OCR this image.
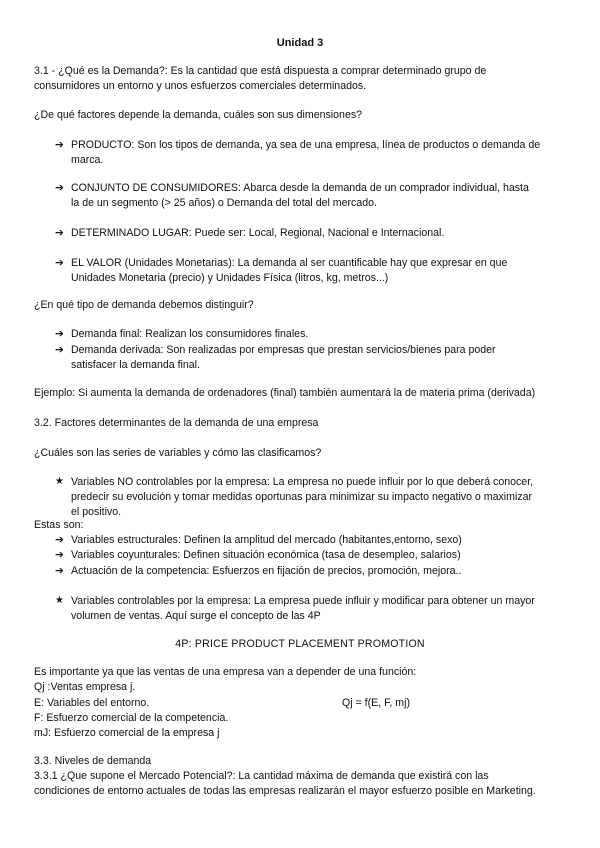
Unidad 3
3.1 - ¿Qué es la Demanda?: Es la cantidad que está dispuesta a comprar determinado grupo de
consumidores un entorno y unos esfuerzos comerciales determinados.
¿De qué factores depende la demanda, cuáles son sus dimensiones?
➔ PRODUCTO: Son los tipos de demanda, ya sea de una empresa, línea de productos o demanda de
marca.
➔ CONJUNTO DE CONSUMIDORES: Abarca desde la demanda de un comprador individual, hasta
la de un segmento (> 25 años) o Demanda del total del mercado.
➔ DETERMINADO LUGAR: Puede ser: Local, Regional, Nacional e Internacional.
➔ EL VALOR (Unidades Monetarias): La demanda al ser cuantificable hay que expresar en que
Unidades Monetaria (precio) y Unidades Física (litros, kg, metros...)
¿En qué tipo de demanda debemos distinguir?
➔ Demanda final: Realizan los consumidores finales.
➔ Demanda derivada: Son realizadas por empresas que prestan servicios/bienes para poder
satisfacer la demanda final.
Ejemplo: Si aumenta la demanda de ordenadores (final) también aumentará la de materia prima (derivada)
3.2. Factores determinantes de la demanda de una empresa
¿Cuáles son las series de variables y cómo las clasificamos?
★ Variables NO controlables por la empresa: La empresa no puede influir por lo que deberá conocer,
predecir su evolución y tomar medidas oportunas para minimizar su impacto negativo o maximizar
el positivo.
Estas son:
➔ Variables estructurales: Definen la amplitud del mercado (habitantes,entorno, sexo)
➔ Variables coyunturales: Definen situación económica (tasa de desempleo, salarios)
➔ Actuación de la competencia: Esfuerzos en fijación de precios, promoción, mejora..
★ Variables controlables por la empresa: La empresa puede influir y modificar para obtener un mayor
volumen de ventas. Aquí surge el concepto de las 4P
4P: PRICE PRODUCT PLACEMENT PROMOTION
Es importante ya que las ventas de una empresa van a depender de una función:
Qj :Ventas empresa j.
E: Variables del entorno.	Qj = f(E, F, mj)
F: Esfuerzo comercial de la competencia.
mJ: Esfuerzo comercial de la empresa j
3.3. Niveles de demanda
3.3.1 ¿Que supone el Mercado Potencial?: La cantidad máxima de demanda que existirá con las
condiciones de entorno actuales de todas las empresas realizarán el mayor esfuerzo posible en Marketing.
